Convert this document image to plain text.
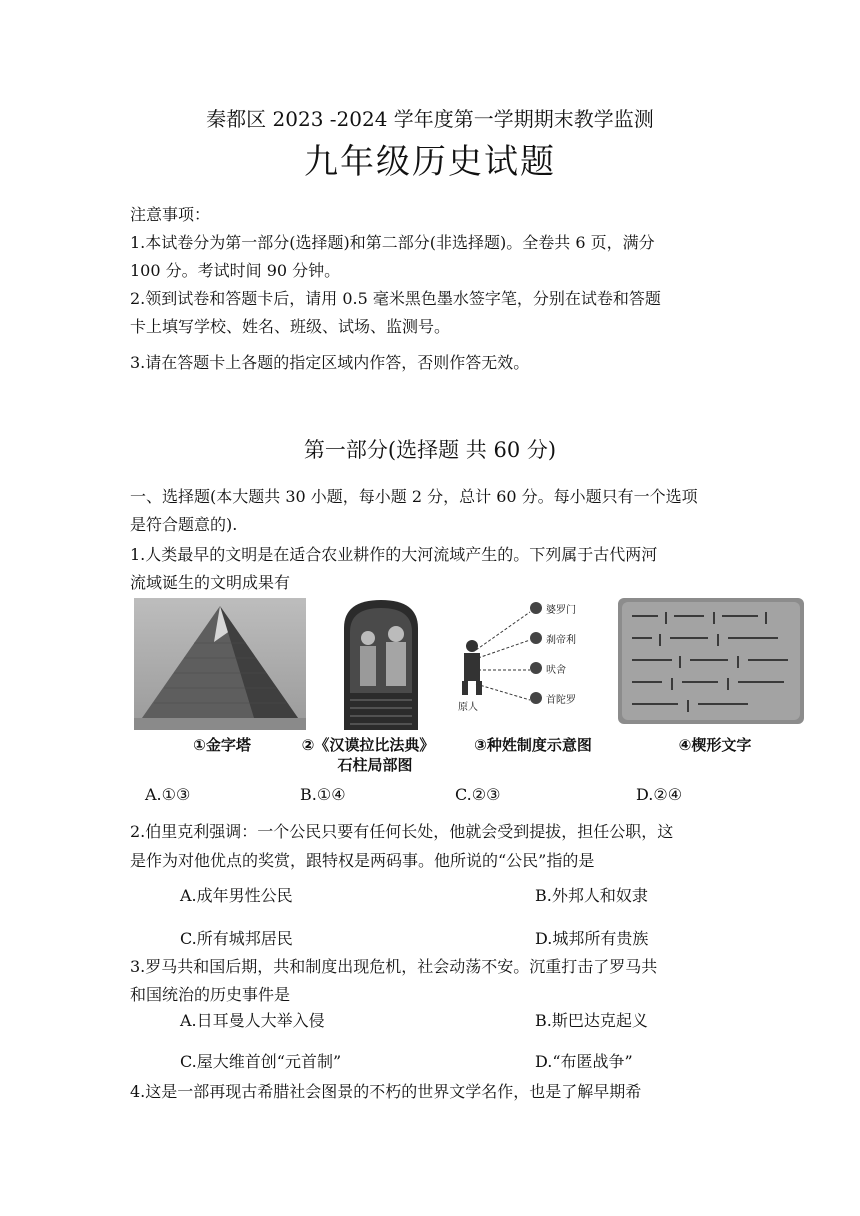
秦都区 2023 -2024 学年度第一学期期末教学监测
九年级历史试题
注意事项：
1.本试卷分为第一部分(选择题)和第二部分(非选择题)。全卷共 6 页，满分
100 分。考试时间 90 分钟。
2.领到试卷和答题卡后，请用 0.5 毫米黑色墨水签字笔，分别在试卷和答题
卡上填写学校、姓名、班级、试场、监测号。
3.请在答题卡上各题的指定区域内作答，否则作答无效。
第一部分(选择题 共 60 分)
一、选择题(本大题共 30 小题，每小题 2 分，总计 60 分。每小题只有一个选项
是符合题意的).
1.人类最早的文明是在适合农业耕作的大河流域产生的。下列属于古代两河
流域诞生的文明成果有
婆罗门
刹帝利
吠舍
首陀罗
原人
①金字塔	②《汉谟拉比法典》
石柱局部图
③种姓制度示意图	④楔形文字
A.①③	B.①④	C.②③	D.②④
2.伯里克利强调：一个公民只要有任何长处，他就会受到提拔，担任公职，这
是作为对他优点的奖赏，跟特权是两码事。他所说的“公民”指的是
A.成年男性公民	B.外邦人和奴隶
C.所有城邦居民	D.城邦所有贵族
3.罗马共和国后期，共和制度出现危机，社会动荡不安。沉重打击了罗马共
和国统治的历史事件是
A.日耳曼人大举入侵	B.斯巴达克起义
C.屋大维首创“元首制”	D.“布匿战争”
4.这是一部再现古希腊社会图景的不朽的世界文学名作，也是了解早期希
